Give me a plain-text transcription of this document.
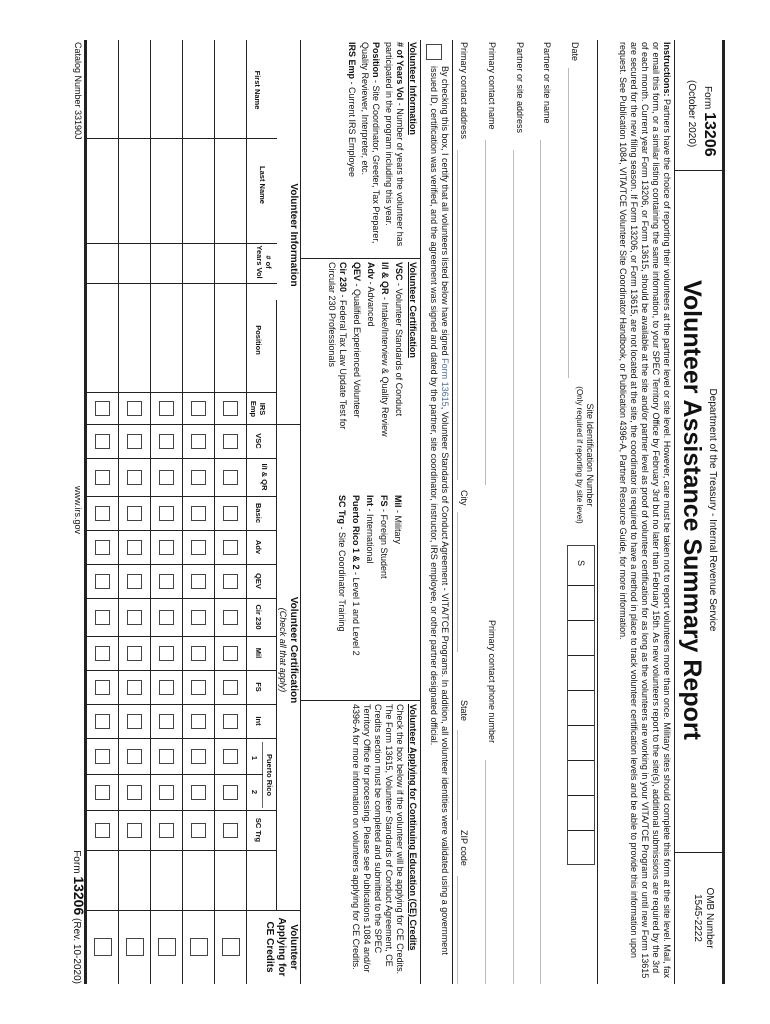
Form 13206
(October 2020)
Department of the Treasury - Internal Revenue Service
Volunteer Assistance Summary Report
OMB Number
1545-2222
Instructions: Partners have the choice of reporting their volunteers at the partner level or site level. However, care must be taken not to report volunteers more than once. Military sites should complete this form at the site level. Mail, fax or email this form, or a similar listing containing the same information, to your SPEC Territory Office by February 3rd but no later than February 15th. As new volunteers report to the site(s), additional submissions are required by the 3rd of each month. Current year Form 13206, or Form 13615, should be available at the site and/or partner level as proof of volunteer certification for as long as the volunteers are working in your VITA/TCE Program or until new Form 13615 are secured for the new filing season. If Form 13206, or Form 13615, are not located at the site, the coordinator is required to have a method in place to track volunteer certification levels and be able to provide this information upon request. See Publication 1084, VITA/TCE Volunteer Site Coordinator Handbook, or Publication 4396-A, Partner Resource Guide, for more information.
Date
Site Identification Number
(Only required if reporting by site level)
S
Partner or site name
Partner or site address
Primary contact name
Primary contact phone number
Primary contact address
City
State
ZIP code
By checking this box, I certify that all volunteers listed below have signed Form 13615, Volunteer Standards of Conduct Agreement - VITA/TCE Programs. In addition, all volunteer identities were validated using a government issued ID, certification was verified, and the agreement was signed and dated by the partner, site coordinator, instructor, IRS employee, or other partner designated official.
Volunteer Information
# of Years Vol - Number of years the volunteer has participated in the program including this year.
Position - Site Coordinator, Greeter, Tax Preparer, Quality Reviewer, Interpreter, etc.
IRS Emp - Current IRS Employee
Volunteer Certification
VSC - Volunteer Standards of Conduct
I/I & QR - Intake/Interview & Quality Review
Adv - Advanced
QEV - Qualified Experienced Volunteer
Cir 230 - Federal Tax Law Update Test for Circular 230 Professionals
Mil - Military
FS - Foreign Student
Int - International
Puerto Rico 1 & 2 - Level 1 and Level 2
SC Trg - Site Coordinator Training
Volunteer Applying for Continuing Education (CE) Credits
Check the box below if the volunteer will be applying for CE Credits. The Form 13615, Volunteer Standards of Conduct Agreement, CE Credits section must be completed and submitted to the SPEC Territory Office for processing. Please see Publications 1084 and/or 4396-A for more information on volunteers applying for CE Credits.
Volunteer Information
Volunteer Certification
(Check all that apply)
Volunteer Applying for CE Credits
First Name
Last Name
# of Years Vol
Position
IRS Emp
VSC
I/I & QR
Basic
Adv
QEV
Cir 230
Mil
FS
Int
Puerto Rico
1
2
SC Trg
Catalog Number 33190J
www.irs.gov
Form 13206 (Rev. 10-2020)
